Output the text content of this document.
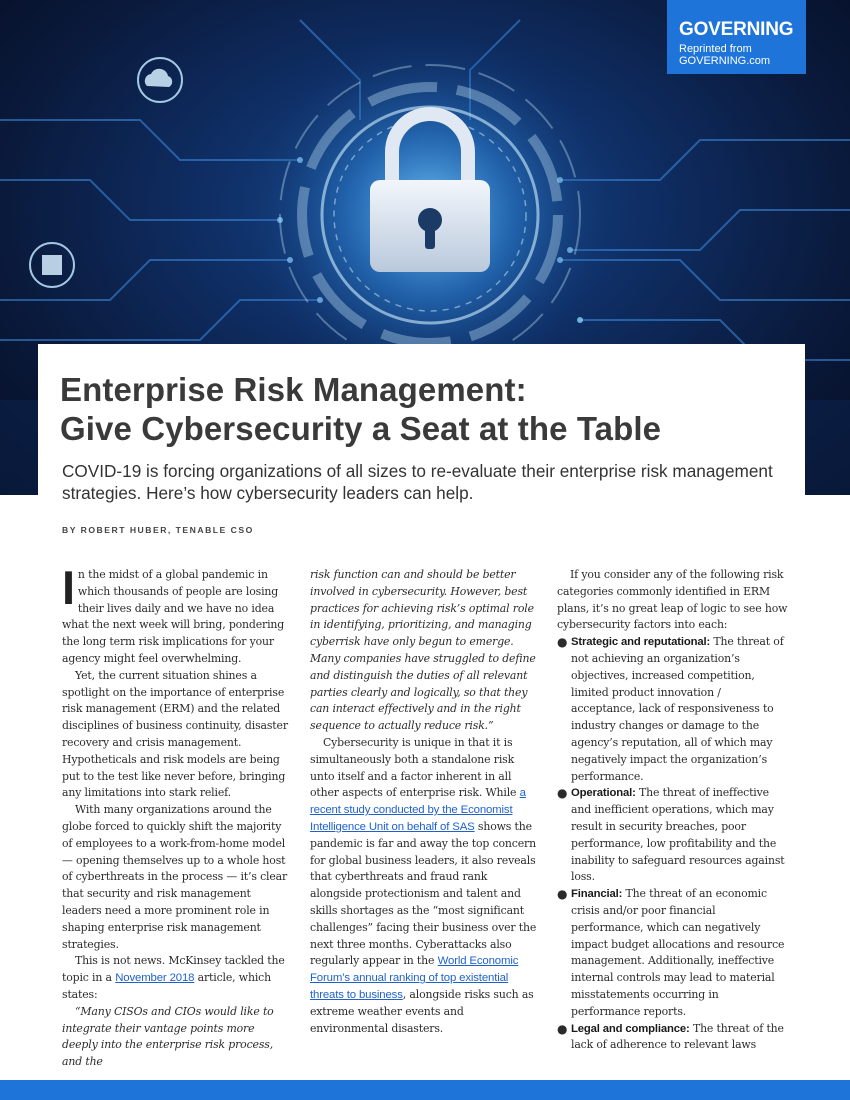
GOVERNING
Reprinted from
GOVERNING.com
Enterprise Risk Management:
Give Cybersecurity a Seat at the Table
COVID-19 is forcing organizations of all sizes to re-evaluate their enterprise risk management strategies. Here’s how cybersecurity leaders can help.
BY ROBERT HUBER, TENABLE CSO

In the midst of a global pandemic in which thousands of people are losing their lives daily and we have no idea what the next week will bring, pondering the long term risk implications for your agency might feel overwhelming.

Yet, the current situation shines a spotlight on the importance of enterprise risk management (ERM) and the related disciplines of business continuity, disaster recovery and crisis management. Hypotheticals and risk models are being put to the test like never before, bringing any limitations into stark relief.

With many organizations around the globe forced to quickly shift the majority of employees to a work-from-home model — opening themselves up to a whole host of cyberthreats in the process — it’s clear that security and risk management leaders need a more prominent role in shaping enterprise risk management strategies.

This is not news. McKinsey tackled the topic in a November 2018 article, which states:

“Many CISOs and CIOs would like to integrate their vantage points more deeply into the enterprise risk process, and the

risk function can and should be better involved in cybersecurity. However, best practices for achieving risk’s optimal role in identifying, prioritizing, and managing cyberrisk have only begun to emerge. Many companies have struggled to define and distinguish the duties of all relevant parties clearly and logically, so that they can interact effectively and in the right sequence to actually reduce risk.”

Cybersecurity is unique in that it is simultaneously both a standalone risk unto itself and a factor inherent in all other aspects of enterprise risk. While a recent study conducted by the Economist Intelligence Unit on behalf of SAS shows the pandemic is far and away the top concern for global business leaders, it also reveals that cyberthreats and fraud rank alongside protectionism and talent and skills shortages as the “most significant challenges” facing their business over the next three months. Cyberattacks also regularly appear in the World Economic Forum’s annual ranking of top existential threats to business, alongside risks such as extreme weather events and environmental disasters.

If you consider any of the following risk categories commonly identified in ERM plans, it’s no great leap of logic to see how cybersecurity factors into each:

● Strategic and reputational: The threat of not achieving an organization’s objectives, increased competition, limited product innovation / acceptance, lack of responsiveness to industry changes or damage to the agency’s reputation, all of which may negatively impact the organization’s performance.
● Operational: The threat of ineffective and inefficient operations, which may result in security breaches, poor performance, low profitability and the inability to safeguard resources against loss.
● Financial: The threat of an economic crisis and/or poor financial performance, which can negatively impact budget allocations and resource management. Additionally, ineffective internal controls may lead to material misstatements occurring in performance reports.
● Legal and compliance: The threat of the lack of adherence to relevant laws
